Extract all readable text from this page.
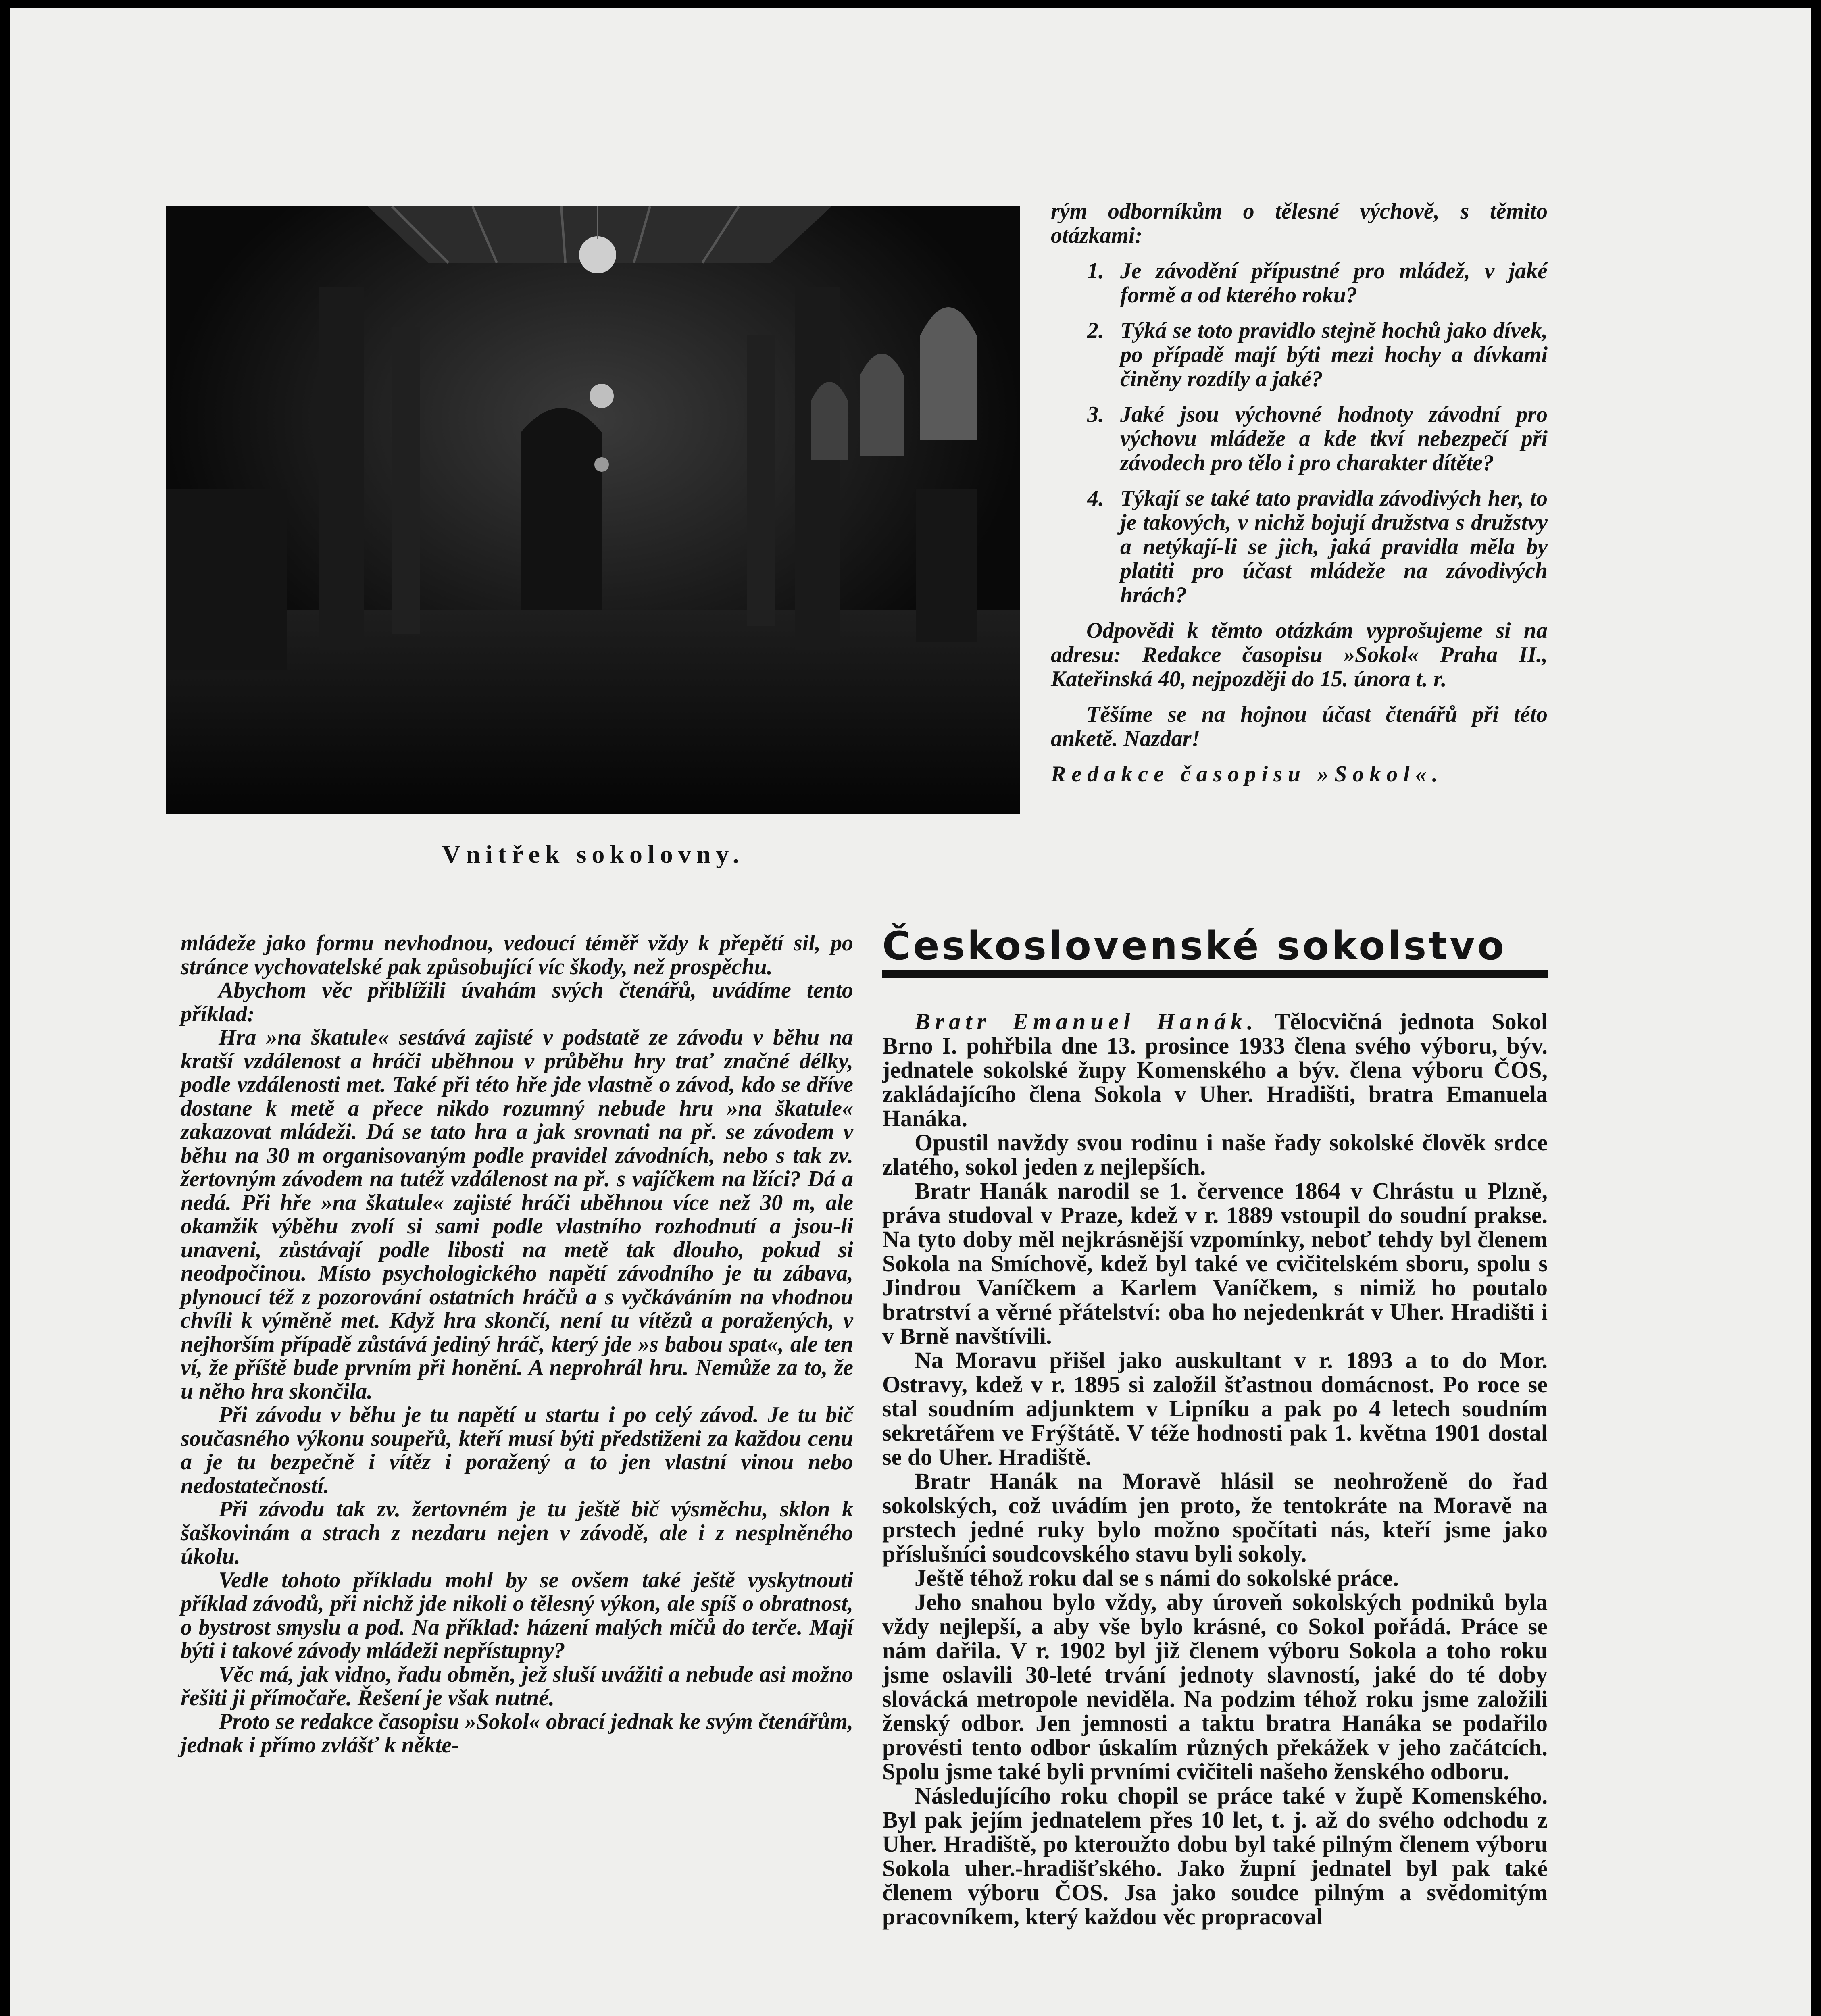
Vnitřek sokolovny.

rým odborníkům o tělesné výchově, s těmito otázkami:

1. Je závodění přípustné pro mládež, v jaké formě a od kterého roku?
2. Týká se toto pravidlo stejně hochů jako dívek, po případě mají býti mezi hochy a dívkami činěny rozdíly a jaké?
3. Jaké jsou výchovné hodnoty závodní pro výchovu mládeže a kde tkví nebezpečí při závodech pro tělo i pro charakter dítěte?
4. Týkají se také tato pravidla závodivých her, to je takových, v nichž bojují družstva s družstvy a netýkají-li se jich, jaká pravidla měla by platiti pro účast mládeže na závodivých hrách?

Odpovědi k těmto otázkám vyprošujeme si na adresu: Redakce časopisu »Sokol« Praha II., Kateřinská 40, nejpozději do 15. února t. r.

Těšíme se na hojnou účast čtenářů při této anketě. Nazdar!

Redakce časopisu »Sokol«.

mládeže jako formu nevhodnou, vedoucí téměř vždy k přepětí sil, po stránce vychovatelské pak způsobující víc škody, než prospěchu.

Abychom věc přiblížili úvahám svých čtenářů, uvádíme tento příklad:

Hra »na škatule« sestává zajisté v podstatě ze závodu v běhu na kratší vzdálenost a hráči uběhnou v průběhu hry trať značné délky, podle vzdálenosti met. Také při této hře jde vlastně o závod, kdo se dříve dostane k metě a přece nikdo rozumný nebude hru »na škatule« zakazovat mládeži. Dá se tato hra a jak srovnati na př. se závodem v běhu na 30 m organisovaným podle pravidel závodních, nebo s tak zv. žertovným závodem na tutéž vzdálenost na př. s vajíčkem na lžíci? Dá a nedá. Při hře »na škatule« zajisté hráči uběhnou více než 30 m, ale okamžik výběhu zvolí si sami podle vlastního rozhodnutí a jsou-li unaveni, zůstávají podle libosti na metě tak dlouho, pokud si neodpočinou. Místo psychologického napětí závodního je tu zábava, plynoucí též z pozorování ostatních hráčů a s vyčkáváním na vhodnou chvíli k výměně met. Když hra skončí, není tu vítězů a poražených, v nejhorším případě zůstává jediný hráč, který jde »s babou spat«, ale ten ví, že příště bude prvním při honění. A neprohrál hru. Nemůže za to, že u něho hra skončila.

Při závodu v běhu je tu napětí u startu i po celý závod. Je tu bič současného výkonu soupeřů, kteří musí býti předstiženi za každou cenu a je tu bezpečně i vítěz i poražený a to jen vlastní vinou nebo nedostatečností.

Při závodu tak zv. žertovném je tu ještě bič výsměchu, sklon k šaškovinám a strach z nezdaru nejen v závodě, ale i z nesplněného úkolu.

Vedle tohoto příkladu mohl by se ovšem také ještě vyskytnouti příklad závodů, při nichž jde nikoli o tělesný výkon, ale spíš o obratnost, o bystrost smyslu a pod. Na příklad: házení malých míčů do terče. Mají býti i takové závody mládeži nepřístupny?

Věc má, jak vidno, řadu obměn, jež sluší uvážiti a nebude asi možno řešiti ji přímočaře. Řešení je však nutné.

Proto se redakce časopisu »Sokol« obrací jednak ke svým čtenářům, jednak i přímo zvlášť k někte-

Československé sokolstvo

Bratr Emanuel Hanák. Tělocvičná jednota Sokol Brno I. pohřbila dne 13. prosince 1933 člena svého výboru, býv. jednatele sokolské župy Komenského a býv. člena výboru ČOS, zakládajícího člena Sokola v Uher. Hradišti, bratra Emanuela Hanáka.

Opustil navždy svou rodinu i naše řady sokolské člověk srdce zlatého, sokol jeden z nejlepších.

Bratr Hanák narodil se 1. července 1864 v Chrástu u Plzně, práva studoval v Praze, kdež v r. 1889 vstoupil do soudní prakse. Na tyto doby měl nejkrásnější vzpomínky, neboť tehdy byl členem Sokola na Smíchově, kdež byl také ve cvičitelském sboru, spolu s Jindrou Vaníčkem a Karlem Vaníčkem, s nimiž ho poutalo bratrství a věrné přátelství: oba ho nejedenkrát v Uher. Hradišti i v Brně navštívili.

Na Moravu přišel jako auskultant v r. 1893 a to do Mor. Ostravy, kdež v r. 1895 si založil šťastnou domácnost. Po roce se stal soudním adjunktem v Lipníku a pak po 4 letech soudním sekretářem ve Frýštátě. V téže hodnosti pak 1. května 1901 dostal se do Uher. Hradiště.

Bratr Hanák na Moravě hlásil se neohroženě do řad sokolských, což uvádím jen proto, že tentokráte na Moravě na prstech jedné ruky bylo možno spočítati nás, kteří jsme jako příslušníci soudcovského stavu byli sokoly.

Ještě téhož roku dal se s námi do sokolské práce.

Jeho snahou bylo vždy, aby úroveň sokolských podniků byla vždy nejlepší, a aby vše bylo krásné, co Sokol pořádá. Práce se nám dařila. V r. 1902 byl již členem výboru Sokola a toho roku jsme oslavili 30-leté trvání jednoty slavností, jaké do té doby slovácká metropole neviděla. Na podzim téhož roku jsme založili ženský odbor. Jen jemnosti a taktu bratra Hanáka se podařilo provésti tento odbor úskalím různých překážek v jeho začátcích. Spolu jsme také byli prvními cvičiteli našeho ženského odboru.

Následujícího roku chopil se práce také v župě Komenského. Byl pak jejím jednatelem přes 10 let, t. j. až do svého odchodu z Uher. Hradiště, po kteroužto dobu byl také pilným členem výboru Sokola uher.-hradišťského. Jako župní jednatel byl pak také členem výboru ČOS. Jsa jako soudce pilným a svědomitým pracovníkem, který každou věc propracoval
